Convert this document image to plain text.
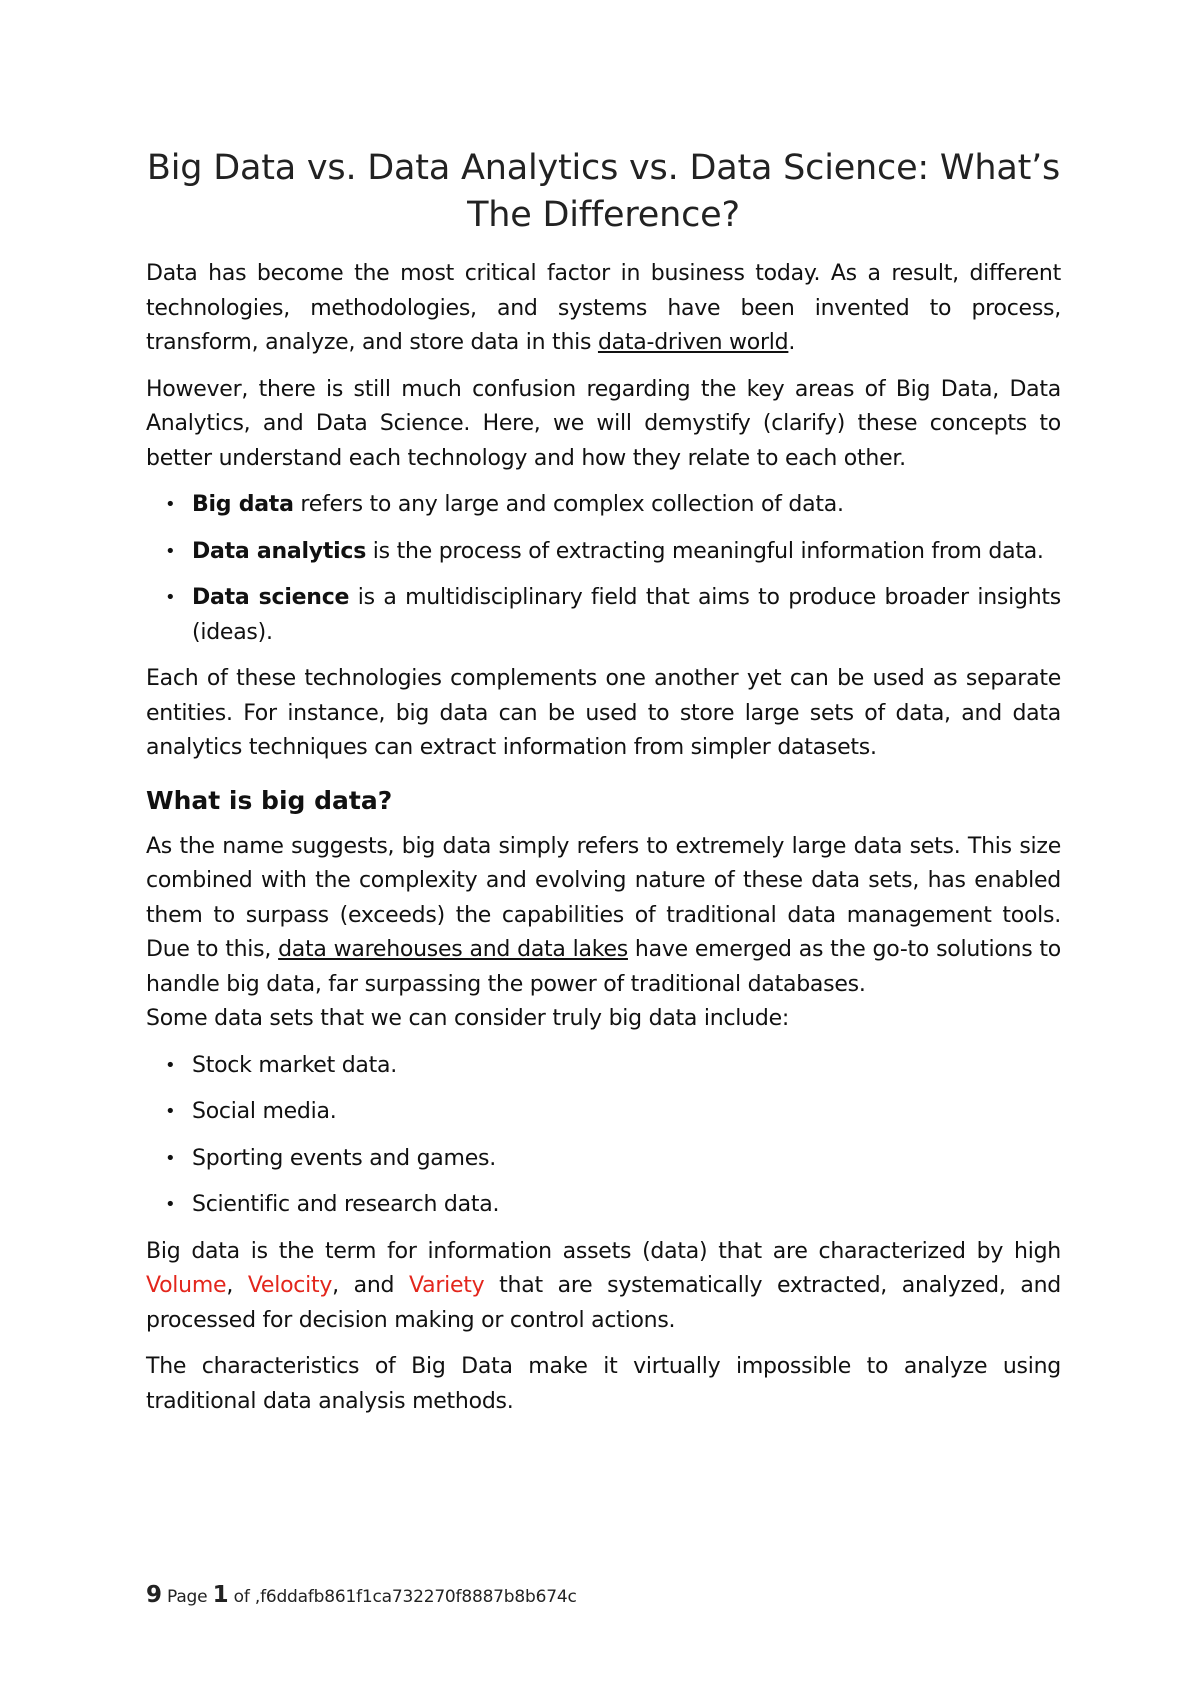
Big Data vs. Data Analytics vs. Data Science: What’s The Difference?

Data has become the most critical factor in business today. As a result, different technologies, methodologies, and systems have been invented to process, transform, analyze, and store data in this data-driven world.

However, there is still much confusion regarding the key areas of Big Data, Data Analytics, and Data Science. Here, we will demystify (clarify) these concepts to better understand each technology and how they relate to each other.

• Big data refers to any large and complex collection of data.
• Data analytics is the process of extracting meaningful information from data.
• Data science is a multidisciplinary field that aims to produce broader insights (ideas).

Each of these technologies complements one another yet can be used as separate entities. For instance, big data can be used to store large sets of data, and data analytics techniques can extract information from simpler datasets.

What is big data?

As the name suggests, big data simply refers to extremely large data sets. This size combined with the complexity and evolving nature of these data sets, has enabled them to surpass (exceeds) the capabilities of traditional data management tools. Due to this, data warehouses and data lakes have emerged as the go-to solutions to handle big data, far surpassing the power of traditional databases.

Some data sets that we can consider truly big data include:

• Stock market data.
• Social media.
• Sporting events and games.
• Scientific and research data.

Big data is the term for information assets (data) that are characterized by high Volume, Velocity, and Variety that are systematically extracted, analyzed, and processed for decision making or control actions.

The characteristics of Big Data make it virtually impossible to analyze using traditional data analysis methods.

9 Page 1 of ,f6ddafb861f1ca732270f8887b8b674c
